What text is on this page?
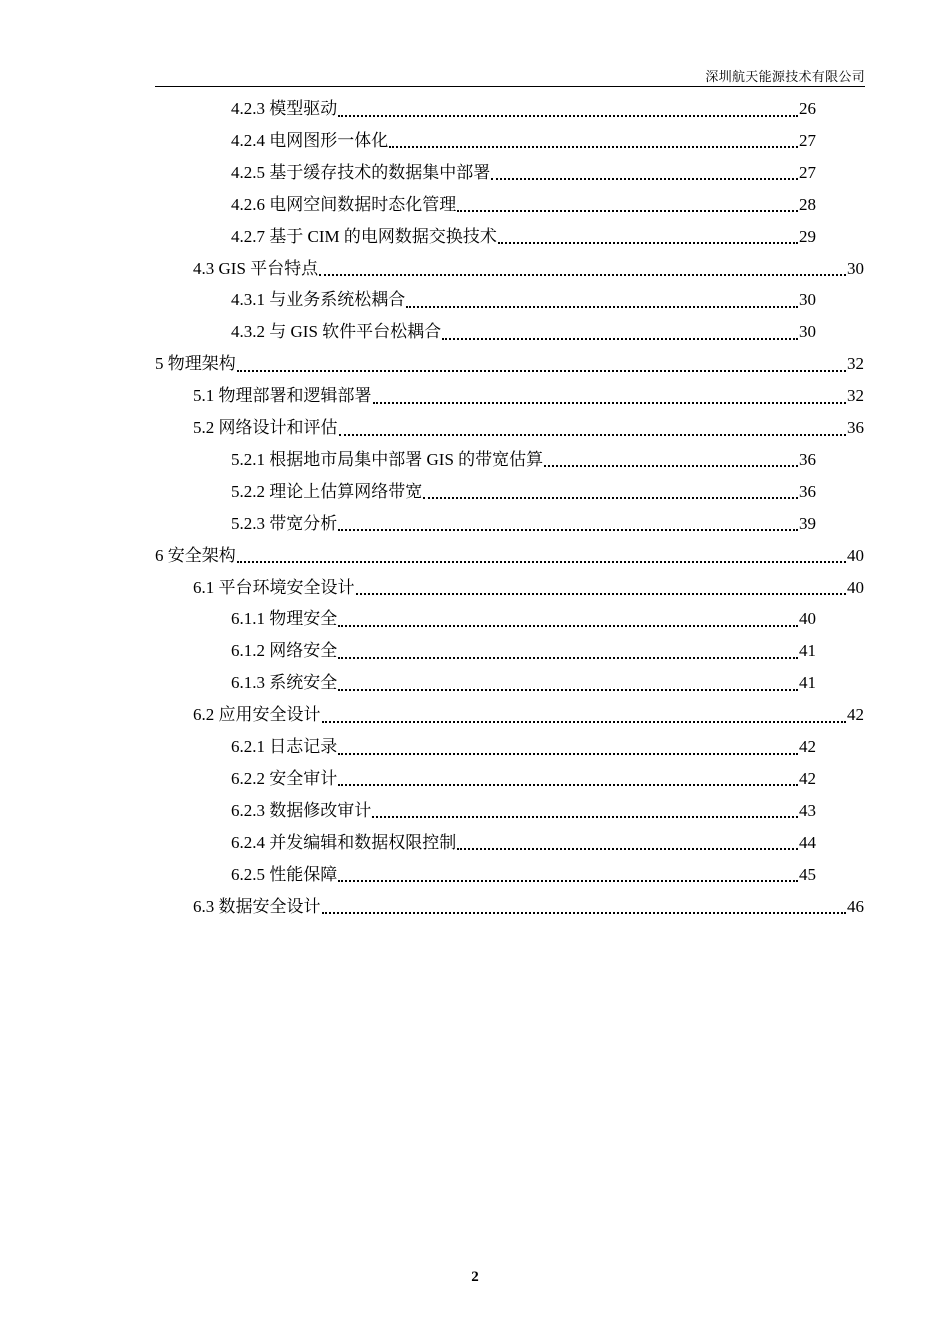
深圳航天能源技术有限公司
4.2.3 模型驱动	26
4.2.4 电网图形一体化	27
4.2.5 基于缓存技术的数据集中部署	27
4.2.6 电网空间数据时态化管理	28
4.2.7 基于 CIM 的电网数据交换技术	29
4.3 GIS 平台特点	30
4.3.1 与业务系统松耦合	30
4.3.2 与 GIS 软件平台松耦合	30
5 物理架构	32
5.1 物理部署和逻辑部署	32
5.2 网络设计和评估	36
5.2.1 根据地市局集中部署 GIS 的带宽估算	36
5.2.2 理论上估算网络带宽	36
5.2.3 带宽分析	39
6 安全架构	40
6.1 平台环境安全设计	40
6.1.1 物理安全	40
6.1.2 网络安全	41
6.1.3 系统安全	41
6.2 应用安全设计	42
6.2.1 日志记录	42
6.2.2 安全审计	42
6.2.3 数据修改审计	43
6.2.4 并发编辑和数据权限控制	44
6.2.5 性能保障	45
6.3 数据安全设计	46
2
